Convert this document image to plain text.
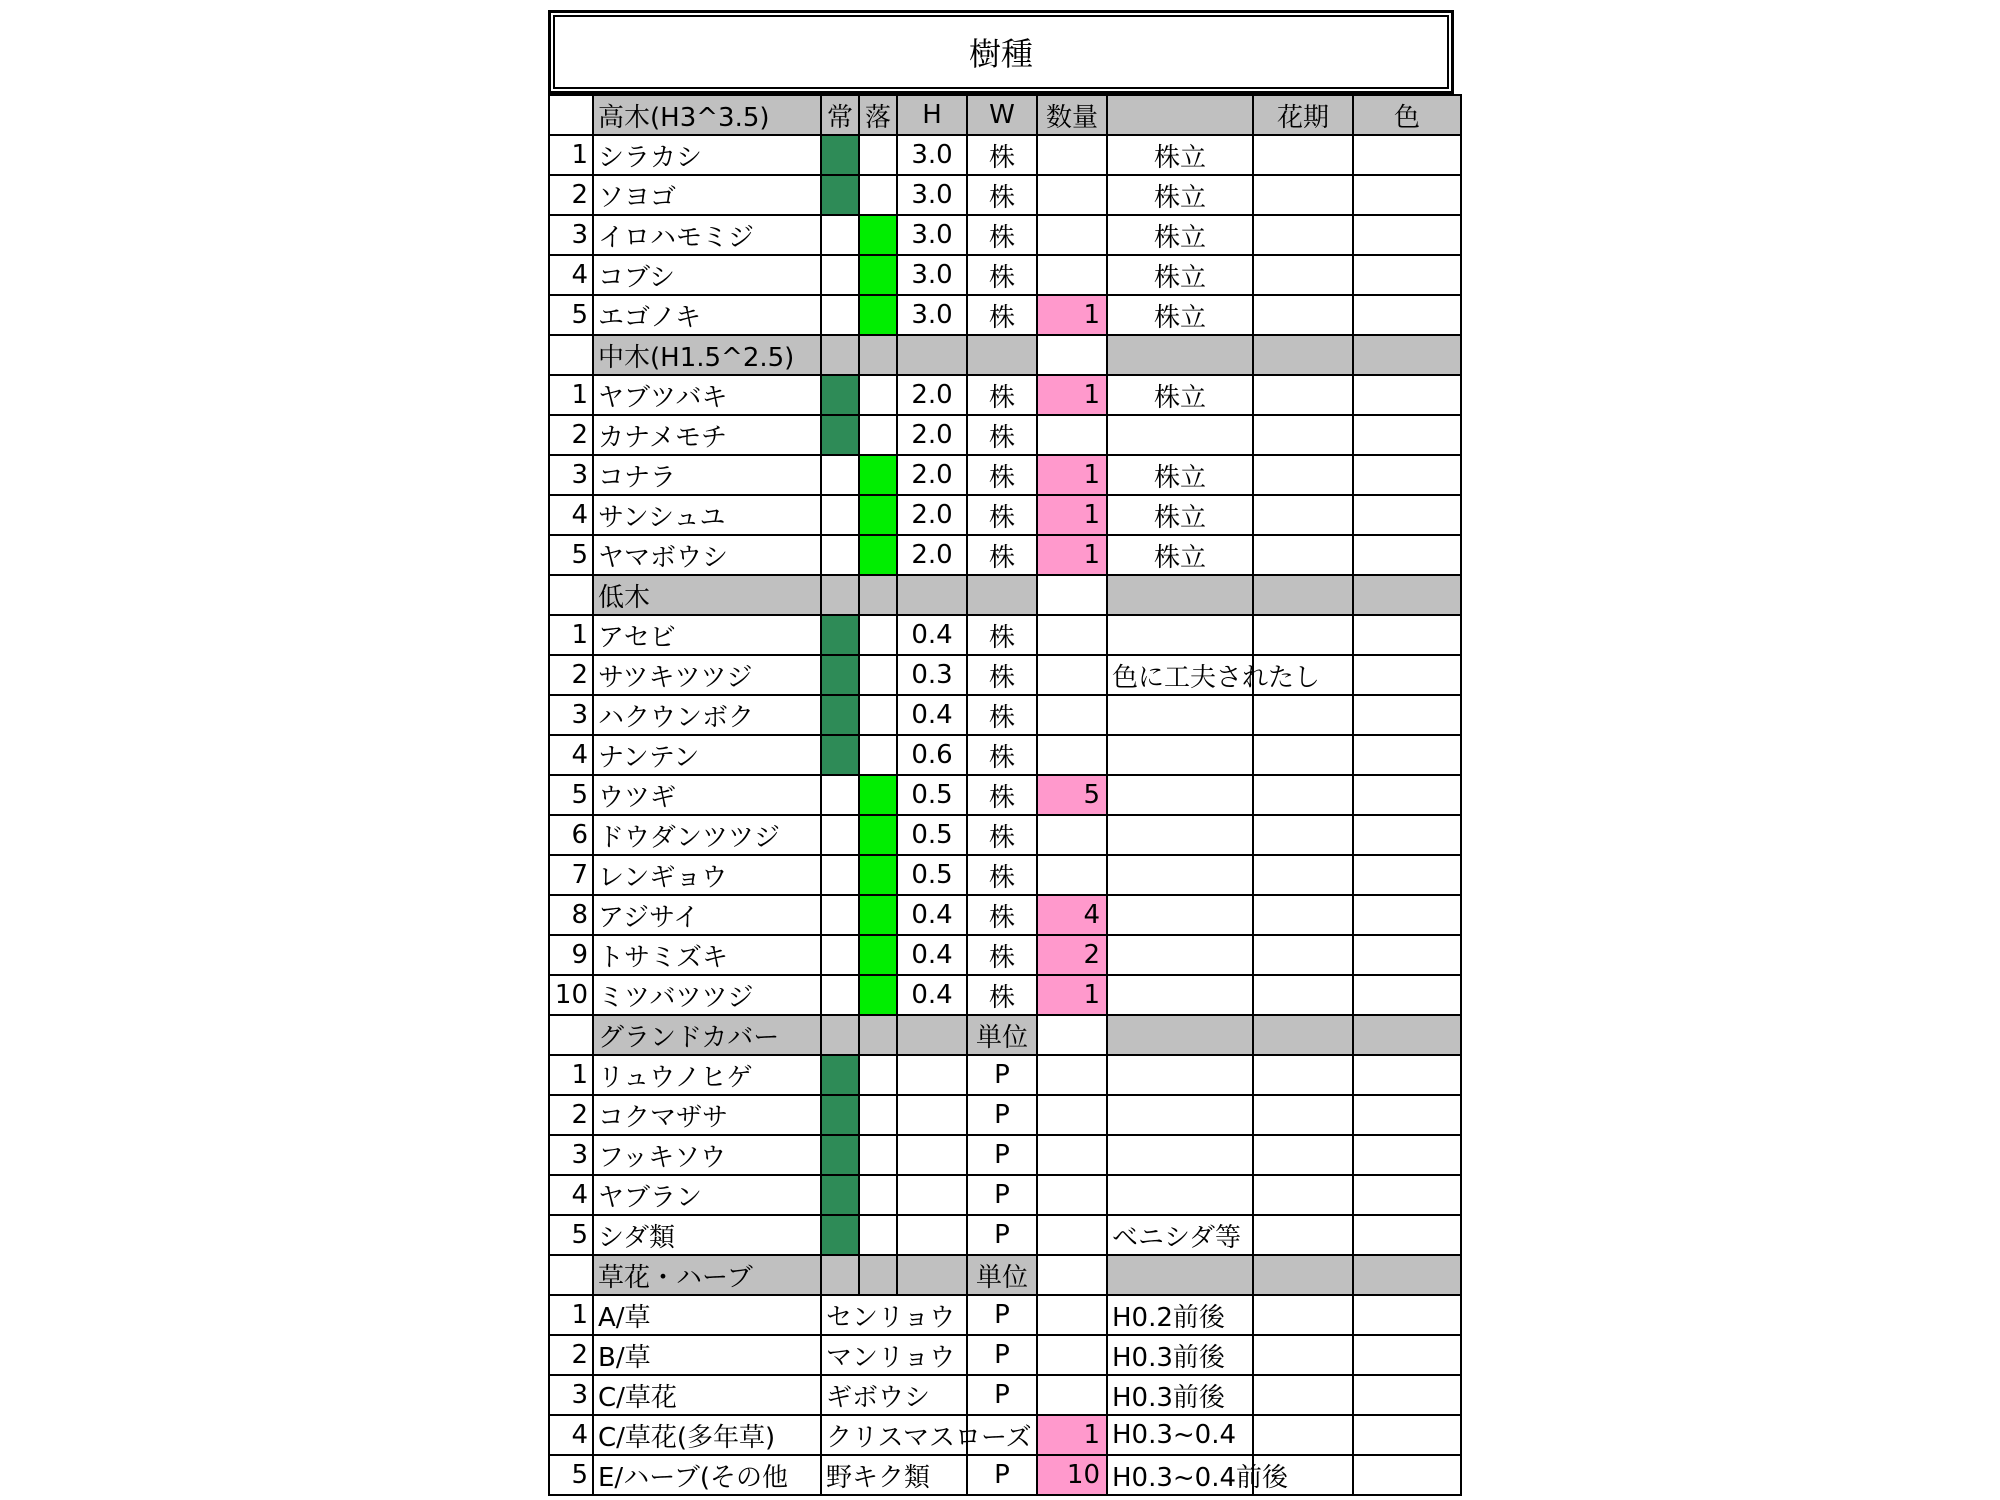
樹種
	高木(H3^3.5)	常	落	H	W	数量		花期	色
1	シラカシ			3.0	株		株立		
2	ソヨゴ			3.0	株		株立		
3	イロハモミジ			3.0	株		株立		
4	コブシ			3.0	株		株立		
5	エゴノキ			3.0	株	1	株立		
	中木(H1.5^2.5)								
1	ヤブツバキ			2.0	株	1	株立		
2	カナメモチ			2.0	株				
3	コナラ			2.0	株	1	株立		
4	サンシュユ			2.0	株	1	株立		
5	ヤマボウシ			2.0	株	1	株立		
	低木								
1	アセビ			0.4	株				
2	サツキツツジ			0.3	株		色に工夫されたし		
3	ハクウンボク			0.4	株				
4	ナンテン			0.6	株				
5	ウツギ			0.5	株	5			
6	ドウダンツツジ			0.5	株				
7	レンギョウ			0.5	株				
8	アジサイ			0.4	株	4			
9	トサミズキ			0.4	株	2			
10	ミツバツツジ			0.4	株	1			
	グランドカバー				単位				
1	リュウノヒゲ				P				
2	コクマザサ				P				
3	フッキソウ				P				
4	ヤブラン				P				
5	シダ類				P		ベニシダ等		
	草花・ハーブ				単位				
1	A/草	センリョウ			P		H0.2前後		
2	B/草	マンリョウ			P		H0.3前後		
3	C/草花	ギボウシ			P		H0.3前後		
4	C/草花(多年草)	クリスマスローズ				1	H0.3~0.4		
5	E/ハーブ(その他	野キク類			P	10	H0.3~0.4前後		
